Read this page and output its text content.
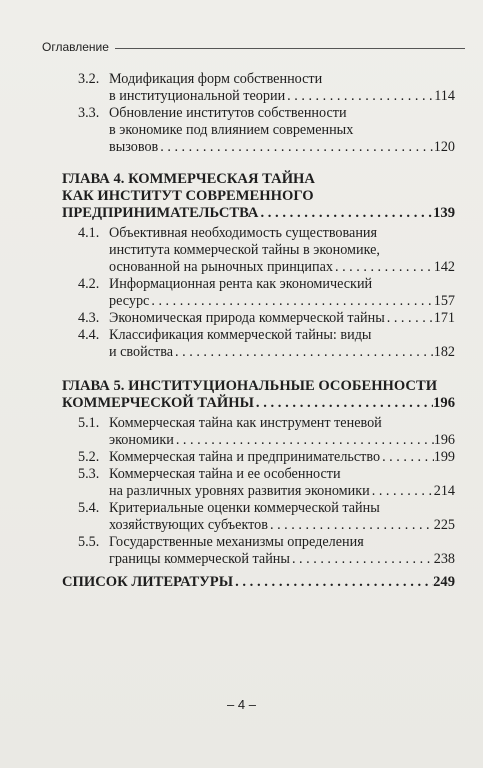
Оглавление
3.2. Модификация форм собственности
в институциональной теории . . .	114
3.3. Обновление институтов собственности
в экономике под влиянием современных
вызовов . . .	120
ГЛАВА 4. КОММЕРЧЕСКАЯ ТАЙНА
КАК ИНСТИТУТ СОВРЕМЕННОГО
ПРЕДПРИНИМАТЕЛЬСТВА . . .	139
4.1. Объективная необходимость существования
института коммерческой тайны в экономике,
основанной на рыночных принципах . . .	142
4.2. Информационная рента как экономический
ресурс . . .	157
4.3. Экономическая природа коммерческой тайны . . .	171
4.4. Классификация коммерческой тайны: виды
и свойства . . .	182
ГЛАВА 5. ИНСТИТУЦИОНАЛЬНЫЕ ОСОБЕННОСТИ
КОММЕРЧЕСКОЙ ТАЙНЫ . . .	196
5.1. Коммерческая тайна как инструмент теневой
экономики . . .	196
5.2. Коммерческая тайна и предпринимательство . . .	199
5.3. Коммерческая тайна и ее особенности
на различных уровнях развития экономики . . .	214
5.4. Критериальные оценки коммерческой тайны
хозяйствующих субъектов . . .	225
5.5. Государственные механизмы определения
границы коммерческой тайны . . .	238
СПИСОК ЛИТЕРАТУРЫ . . .	249
– 4 –
